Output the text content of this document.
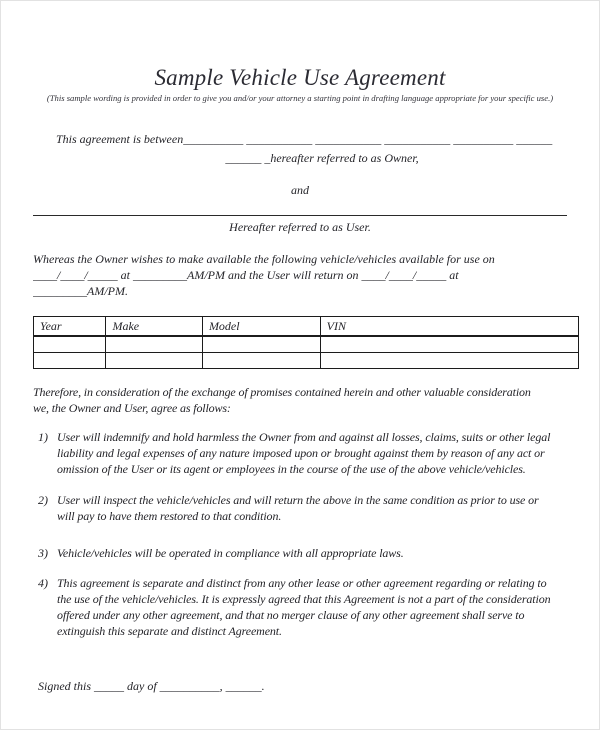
Sample Vehicle Use Agreement
(This sample wording is provided in order to give you and/or your attorney a starting point in drafting language appropriate for your specific use.)
This agreement is between__________ ___________ ___________ ___________ __________ ______
______ _hereafter referred to as Owner,
and
Hereafter referred to as User.
Whereas the Owner wishes to make available the following vehicle/vehicles available for use on
____/____/_____ at _________AM/PM and the User will return on ____/____/_____ at
_________AM/PM.
Year	Make	Model	VIN

Therefore, in consideration of the exchange of promises contained herein and other valuable consideration we, the Owner and User, agree as follows:
1) User will indemnify and hold harmless the Owner from and against all losses, claims, suits or other legal liability and legal expenses of any nature imposed upon or brought against them by reason of any act or omission of the User or its agent or employees in the course of the use of the above vehicle/vehicles.
2) User will inspect the vehicle/vehicles and will return the above in the same condition as prior to use or will pay to have them restored to that condition.
3) Vehicle/vehicles will be operated in compliance with all appropriate laws.
4) This agreement is separate and distinct from any other lease or other agreement regarding or relating to the use of the vehicle/vehicles. It is expressly agreed that this Agreement is not a part of the consideration offered under any other agreement, and that no merger clause of any other agreement shall serve to extinguish this separate and distinct Agreement.
Signed this _____ day of __________, ______.
